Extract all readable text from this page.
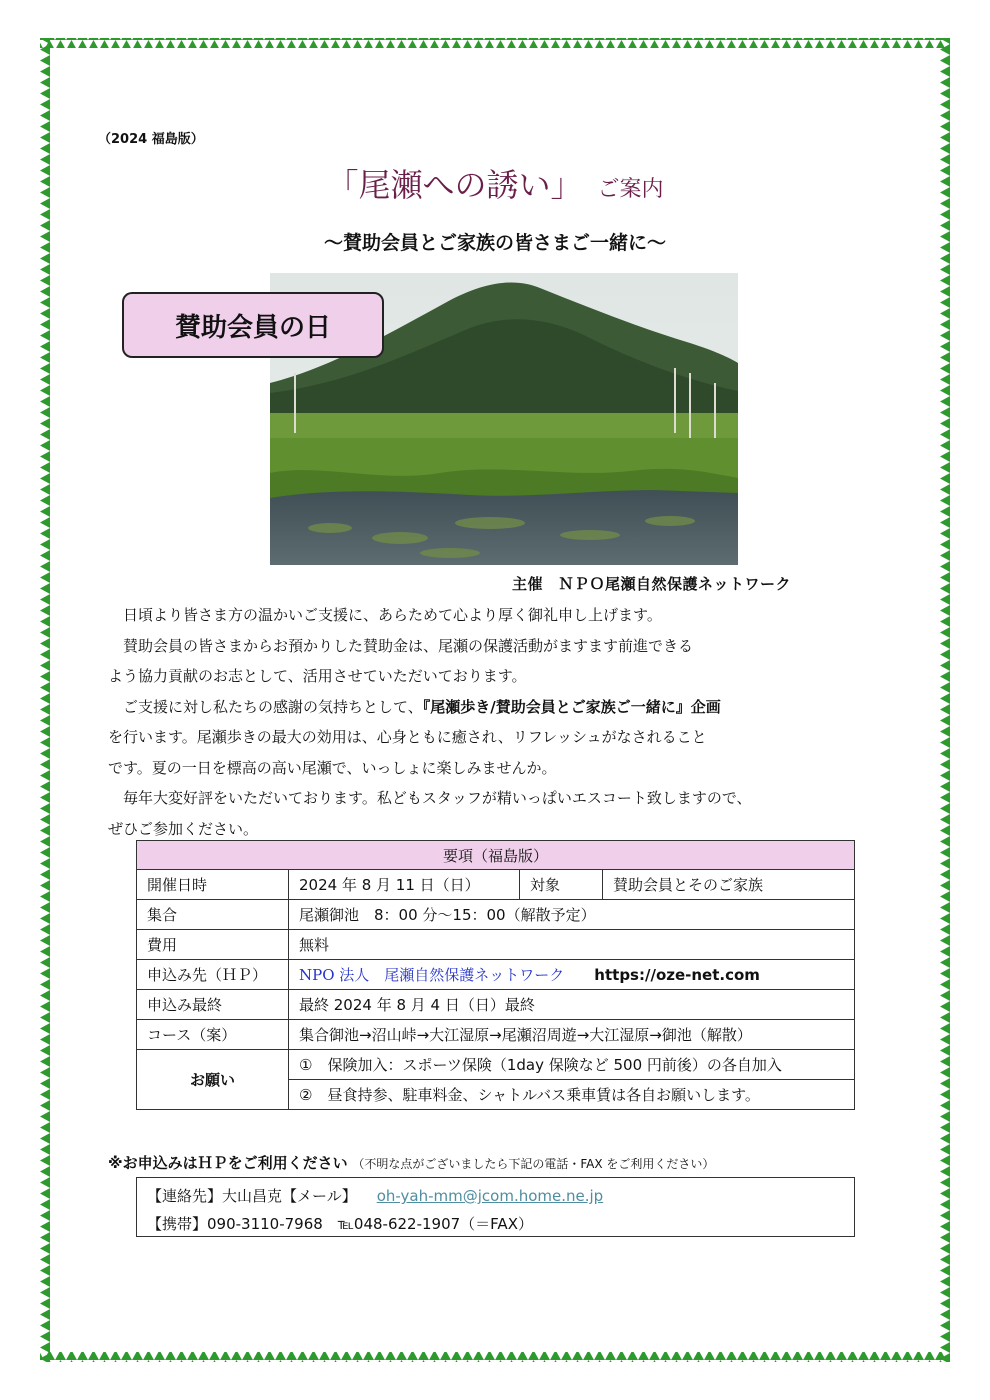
（2024 福島版）
「尾瀬への誘い」 ご案内
～賛助会員とご家族の皆さまご一緒に～
賛助会員の日
主催　ＮＰＯ尾瀬自然保護ネットワーク

　日頃より皆さま方の温かいご支援に、あらためて心より厚く御礼申し上げます。

　賛助会員の皆さまからお預かりした賛助金は、尾瀬の保護活動がますます前進できる

よう協力貢献のお志として、活用させていただいております。

　ご支援に対し私たちの感謝の気持ちとして、『尾瀬歩き/賛助会員とご家族ご一緒に』企画

を行います。尾瀬歩きの最大の効用は、心身ともに癒され、リフレッシュがなされること

です。夏の一日を標高の高い尾瀬で、いっしょに楽しみませんか。

　毎年大変好評をいただいております。私どもスタッフが精いっぱいエスコート致しますので、

ぜひご参加ください。

要項（福島版）			
開催日時	2024 年 8 月 11 日（日）	対象	賛助会員とそのご家族
集合	尾瀬御池　8：00 分～15：00（解散予定）		
費用	無料		
申込み先（ＨＰ）	NPO 法人　尾瀬自然保護ネットワーク https://oze-net.com		
申込み最終	最終 2024 年 8 月 4 日（日）最終		
コース（案）	集合御池→沼山峠→大江湿原→尾瀬沼周遊→大江湿原→御池（解散）		
お願い	①　保険加入：スポーツ保険（1day 保険など 500 円前後）の各自加入		
	②　昼食持参、駐車料金、シャトルバス乗車賃は各自お願いします。		
※お申込みはＨＰをご利用ください （不明な点がございましたら下記の電話・FAX をご利用ください）
【連絡先】大山昌克【メール】 oh-yah-mm@jcom.home.ne.jp
【携帯】090-3110-7968　℡048-622-1907（＝FAX）
